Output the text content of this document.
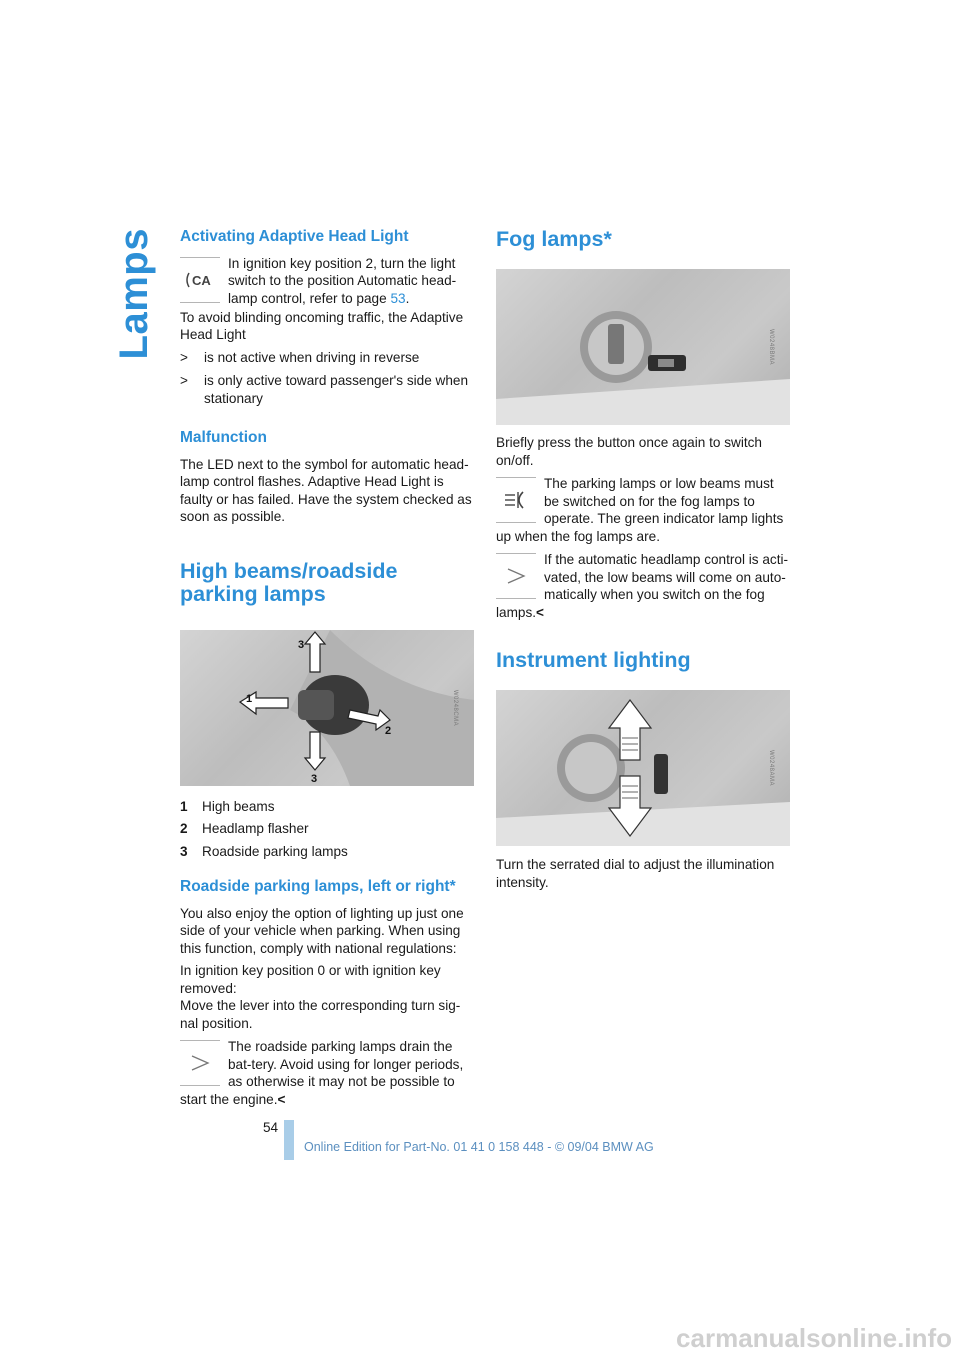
Lamps Activating Adaptive Head Light
CA

In ignition key position 2, turn the light switch to the position Automatic head-lamp control, refer to page 53.

To avoid blinding oncoming traffic, the Adaptive Head Light

>	is not active when driving in reverse
>	is only active toward passenger's side when stationary
Malfunction

The LED next to the symbol for automatic head-lamp control flashes. Adaptive Head Light is faulty or has failed. Have the system checked as soon as possible.

High beams/roadside parking lamps
3
1
2
3
W0248CMA
1	High beams
2	Headlamp flasher
3	Roadside parking lamps
Roadside parking lamps, left or right*

You also enjoy the option of lighting up just one side of your vehicle when parking. When using this function, comply with national regulations:

In ignition key position 0 or with ignition key removed:

Move the lever into the corresponding turn sig-nal position.

The roadside parking lamps drain the bat-tery. Avoid using for longer periods, as otherwise it may not be possible to start the engine.<

Fog lamps*
W0248BMA

Briefly press the button once again to switch on/off.

The parking lamps or low beams must be switched on for the fog lamps to operate. The green indicator lamp lights up when the fog lamps are.

If the automatic headlamp control is acti-vated, the low beams will come on auto-matically when you switch on the fog lamps.<

Instrument lighting
W0248AMA

Turn the serrated dial to adjust the illumination intensity.

54
Online Edition for Part-No. 01 41 0 158 448 - © 09/04 BMW AG
carmanualsonline.info
